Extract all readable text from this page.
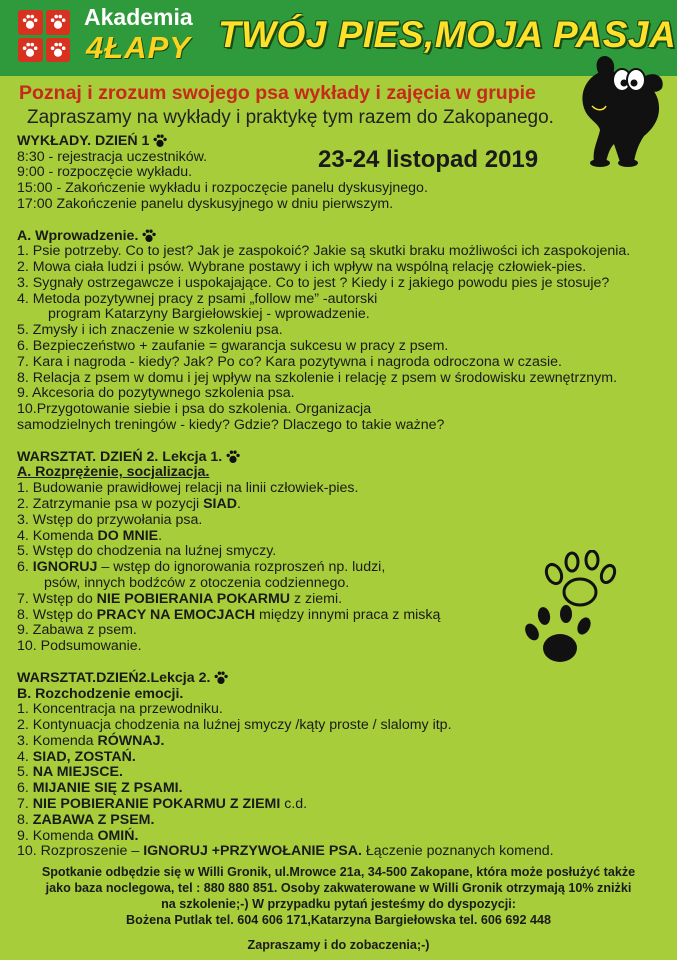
Akademia
4ŁAPY TWÓJ PIES,MOJA PASJA
Poznaj i zrozum swojego psa wykłady i zajęcia w grupie
Zapraszamy na wykłady i praktykę tym razem do Zakopanego.
23-24 listopad 2019
WYKŁADY. DZIEŃ 1
8:30 - rejestracja uczestników.
9:00 - rozpoczęcie wykładu.
15:00 - Zakończenie wykładu i rozpoczęcie panelu dyskusyjnego.
17:00 Zakończenie panelu dyskusyjnego w dniu pierwszym.
A. Wprowadzenie.
1. Psie potrzeby. Co to jest? Jak je zaspokoić? Jakie są skutki braku możliwości ich zaspokojenia.
2. Mowa ciała ludzi i psów. Wybrane postawy i ich wpływ na wspólną relację człowiek-pies.
3. Sygnały ostrzegawcze i uspokajające. Co to jest ? Kiedy i z jakiego powodu pies je stosuje?
4. Metoda pozytywnej pracy z psami „follow me” -autorski
program Katarzyny Bargiełowskiej - wprowadzenie.
5. Zmysły i ich znaczenie w szkoleniu psa.
6. Bezpieczeństwo + zaufanie = gwarancja sukcesu w pracy z psem.
7. Kara i nagroda - kiedy? Jak? Po co? Kara pozytywna i nagroda odroczona w czasie.
8. Relacja z psem w domu i jej wpływ na szkolenie i relację z psem w środowisku zewnętrznym.
9. Akcesoria do pozytywnego szkolenia psa.
10.Przygotowanie siebie i psa do szkolenia. Organizacja
samodzielnych treningów - kiedy? Gdzie? Dlaczego to takie ważne?
WARSZTAT. DZIEŃ 2. Lekcja 1.
A. Rozprężenie, socjalizacja.
1. Budowanie prawidłowej relacji na linii człowiek-pies.
2. Zatrzymanie psa w pozycji SIAD.
3. Wstęp do przywołania psa.
4. Komenda DO MNIE.
5. Wstęp do chodzenia na luźnej smyczy.
6. IGNORUJ – wstęp do ignorowania rozproszeń np. ludzi,
psów, innych bodźców z otoczenia codziennego.
7. Wstęp do NIE POBIERANIA POKARMU z ziemi.
8. Wstęp do PRACY NA EMOCJACH między innymi praca z miską
9. Zabawa z psem.
10. Podsumowanie.
WARSZTAT.DZIEŃ2.Lekcja 2.
B. Rozchodzenie emocji.
1. Koncentracja na przewodniku.
2. Kontynuacja chodzenia na luźnej smyczy /kąty proste / slalomy itp.
3. Komenda RÓWNAJ.
4. SIAD, ZOSTAŃ.
5. NA MIEJSCE.
6. MIJANIE SIĘ Z PSAMI.
7. NIE POBIERANIE POKARMU Z ZIEMI c.d.
8. ZABAWA Z PSEM.
9. Komenda OMIŃ.
10. Rozproszenie – IGNORUJ +PRZYWOŁANIE PSA. Łączenie poznanych komend.
Spotkanie odbędzie się w Willi Gronik, ul.Mrowce 21a, 34-500 Zakopane, która może posłużyć także
jako baza noclegowa, tel : 880 880 851. Osoby zakwaterowane w Willi Gronik otrzymają 10% zniżki
na szkolenie;-) W przypadku pytań jesteśmy do dyspozycji:
Bożena Putlak tel. 604 606 171,Katarzyna Bargiełowska tel. 606 692 448
Zapraszamy i do zobaczenia;-)
